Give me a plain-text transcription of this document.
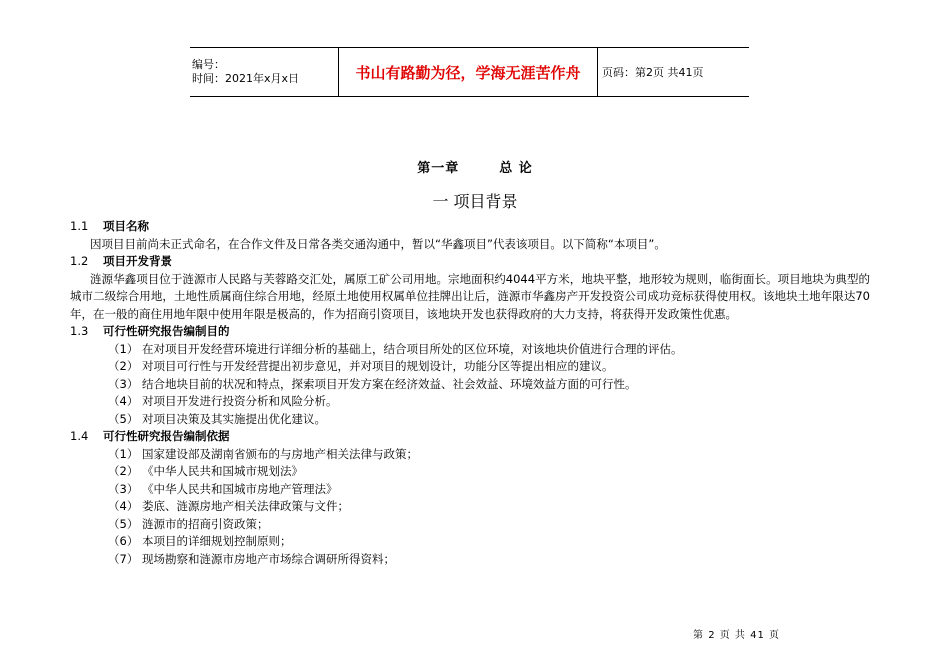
编号：
时间：2021年x月x日	书山有路勤为径，学海无涯苦作舟 页码：第2页 共41页
第一章	总 论
一 项目背景
1.1 项目名称
因项目目前尚未正式命名，在合作文件及日常各类交通沟通中，暂以“华鑫项目”代表该项目。以下简称“本项目”。
1.2 项目开发背景
涟源华鑫项目位于涟源市人民路与芙蓉路交汇处，属原工矿公司用地。宗地面积约4044平方米，地块平整，地形较为规则，临街面长。项目地块为典型的城市二级综合用地，土地性质属商住综合用地，经原土地使用权属单位挂牌出让后，涟源市华鑫房产开发投资公司成功竞标获得使用权。该地块土地年限达70年，在一般的商住用地年限中使用年限是极高的，作为招商引资项目，该地块开发也获得政府的大力支持，将获得开发政策性优惠。
1.3 可行性研究报告编制目的
（1） 在对项目开发经营环境进行详细分析的基础上，结合项目所处的区位环境，对该地块价值进行合理的评估。
（2） 对项目可行性与开发经营提出初步意见，并对项目的规划设计，功能分区等提出相应的建议。
（3） 结合地块目前的状况和特点，探索项目开发方案在经济效益、社会效益、环境效益方面的可行性。
（4） 对项目开发进行投资分析和风险分析。
（5） 对项目决策及其实施提出优化建议。
1.4 可行性研究报告编制依据
（1） 国家建设部及湖南省颁布的与房地产相关法律与政策；
（2） 《中华人民共和国城市规划法》
（3） 《中华人民共和国城市房地产管理法》
（4） 娄底、涟源房地产相关法律政策与文件；
（5） 涟源市的招商引资政策；
（6） 本项目的详细规划控制原则；
（7） 现场勘察和涟源市房地产市场综合调研所得资料；
第 2 页 共 41 页
